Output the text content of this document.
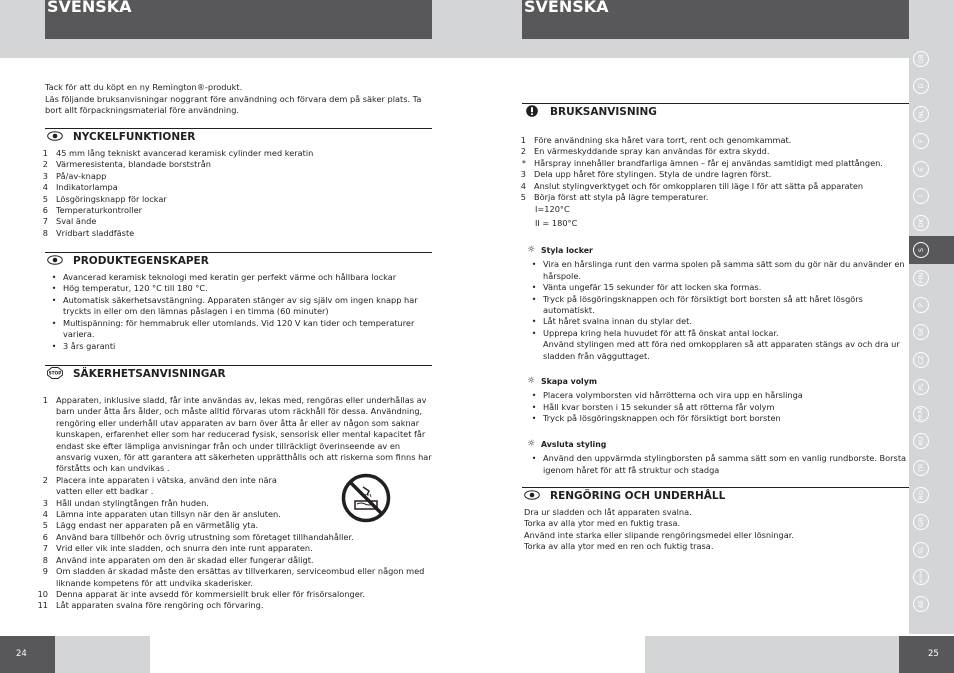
SVENSKA	SVENSKA
Tack för att du köpt en ny Remington®-produkt.
Läs följande bruksanvisningar noggrant före användning och förvara dem på säker plats. Ta bort allt förpackningsmaterial före användning.
NYCKELFUNKTIONER
1 45 mm lång tekniskt avancerad keramisk cylinder med keratin
2 Värmeresistenta, blandade borststrån
3 På/av-knapp
4 Indikatorlampa
5 Lösgöringsknapp för lockar
6 Temperaturkontroller
7 Sval ände
8 Vridbart sladdfäste
PRODUKTEGENSKAPER
• Avancerad keramisk teknologi med keratin ger perfekt värme och hållbara lockar
• Hög temperatur, 120 °C till 180 °C.
• Automatisk säkerhetsavstängning. Apparaten stänger av sig själv om ingen knapp har tryckts in eller om den lämnas påslagen i en timma (60 minuter)
• Multispänning: för hemmabruk eller utomlands. Vid 120 V kan tider och temperaturer variera.
• 3 års garanti
STOP SÄKERHETSANVISNINGAR
1 Apparaten, inklusive sladd, får inte användas av, lekas med, rengöras eller underhållas av barn under åtta års ålder, och måste alltid förvaras utom räckhåll för dessa. Användning, rengöring eller underhåll utav apparaten av barn över åtta år eller av någon som saknar kunskapen, erfarenhet eller som har reducerad fysisk, sensorisk eller mental kapacitet får endast ske efter lämpliga anvisningar från och under tillräckligt överinseende av en ansvarig vuxen, för att garantera att säkerheten upprätthålls och att riskerna som finns har förståtts och kan undvikas .
2 Placera inte apparaten i vätska, använd den inte nära vatten eller ett badkar .
3 Håll undan stylingtången från huden.
4 Lämna inte apparaten utan tillsyn när den är ansluten.
5 Lägg endast ner apparaten på en värmetålig yta.
6 Använd bara tillbehör och övrig utrustning som företaget tillhandahåller.
7 Vrid eller vik inte sladden, och snurra den inte runt apparaten.
8 Använd inte apparaten om den är skadad eller fungerar dåligt.
9 Om sladden är skadad måste den ersättas av tillverkaren, serviceombud eller någon med liknande kompetens för att undvika skaderisker.
10 Denna apparat är inte avsedd för kommersiellt bruk eller för frisörsalonger.
11 Låt apparaten svalna före rengöring och förvaring.
BRUKSANVISNING
1 Före användning ska håret vara torrt, rent och genomkammat.
2 En värmeskyddande spray kan användas för extra skydd.
* Hårspray innehåller brandfarliga ämnen – får ej användas samtidigt med plattången.
3 Dela upp håret före stylingen. Styla de undre lagren först.
4 Anslut stylingverktyget och för omkopplaren till läge I för att sätta på apparaten
5 Börja först att styla på lägre temperaturer.
I=120°C
II = 180°C
☼ Styla locker
• Vira en hårslinga runt den varma spolen på samma sätt som du gör när du använder en hårspole.
• Vänta ungefär 15 sekunder för att locken ska formas.
• Tryck på lösgöringsknappen och för försiktigt bort borsten så att håret lösgörs automatiskt.
• Låt håret svalna innan du stylar det.
• Upprepa kring hela huvudet för att få önskat antal lockar.
Använd stylingen med att föra ned omkopplaren så att apparaten stängs av och dra ur sladden från vägguttaget.
☼ Skapa volym
• Placera volymborsten vid hårrötterna och vira upp en hårslinga
• Håll kvar borsten i 15 sekunder så att rötterna får volym
• Tryck på lösgöringsknappen och för försiktigt bort borsten
☼ Avsluta styling
• Använd den uppvärmda stylingborsten på samma sätt som en vanlig rundborste. Borsta igenom håret för att få struktur och stadga
RENGÖRING OCH UNDERHÅLL
Dra ur sladden och låt apparaten svalna.
Torka av alla ytor med en fuktig trasa.
Använd inte starka eller slipande rengöringsmedel eller lösningar.
Torka av alla ytor med en ren och fuktig trasa.
GB
D
NL
F
E
I
DK
S
FIN
P
SK
CZ
PL
HUN
RU
TR
RO
GR
SL
HR/BIH
AE
24	25
